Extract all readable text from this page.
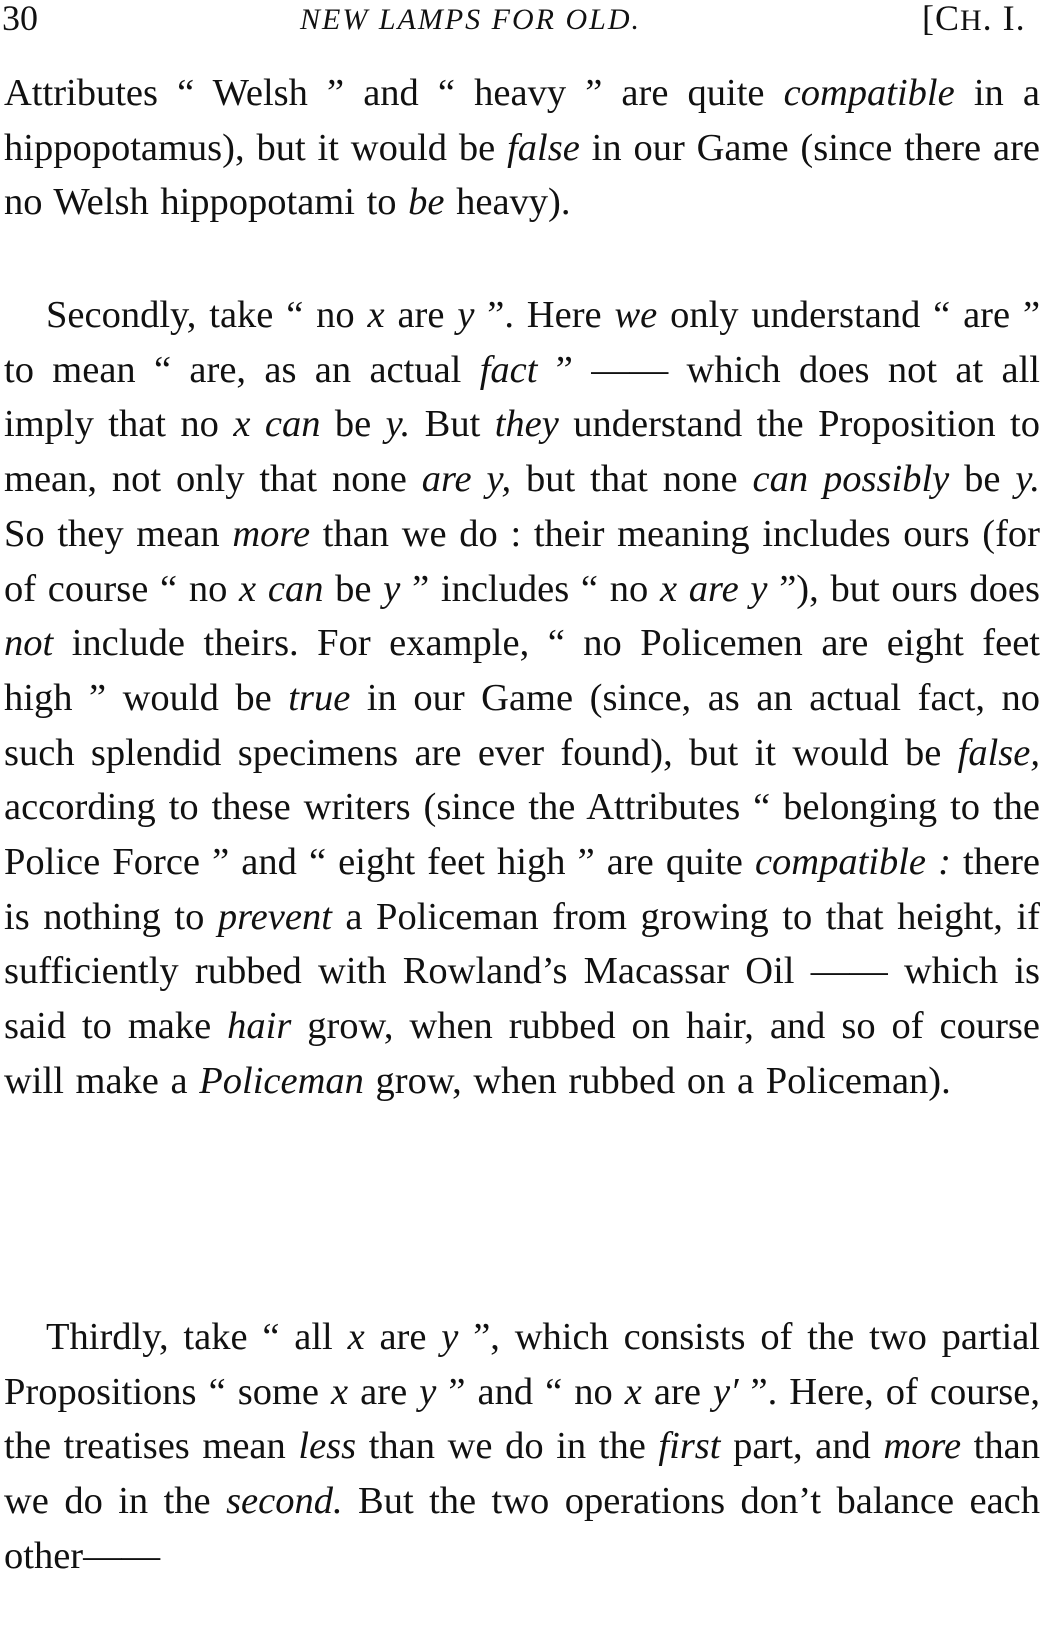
30	NEW LAMPS FOR OLD.	[CH. I.

Attributes “ Welsh ” and “ heavy ” are quite compatible in a hippopotamus), but it would be false in our Game (since there are no Welsh hippopotami to be heavy).

Secondly, take “ no x are y ”. Here we only understand “ are ” to mean “ are, as an actual fact ” —— which does not at all imply that no x can be y. But they understand the Proposition to mean, not only that none are y, but that none can possibly be y. So they mean more than we do : their meaning includes ours (for of course “ no x can be y ” includes “ no x are y ”), but ours does not include theirs. For example, “ no Policemen are eight feet high ” would be true in our Game (since, as an actual fact, no such splendid specimens are ever found), but it would be false, according to these writers (since the Attributes “ belonging to the Police Force ” and “ eight feet high ” are quite compatible : there is nothing to prevent a Policeman from growing to that height, if sufficiently rubbed with Rowland’s Macassar Oil —— which is said to make hair grow, when rubbed on hair, and so of course will make a Policeman grow, when rubbed on a Policeman).

Thirdly, take “ all x are y ”, which consists of the two partial Propositions “ some x are y ” and “ no x are y′ ”. Here, of course, the treatises mean less than we do in the first part, and more than we do in the second. But the two operations don’t balance each other——
